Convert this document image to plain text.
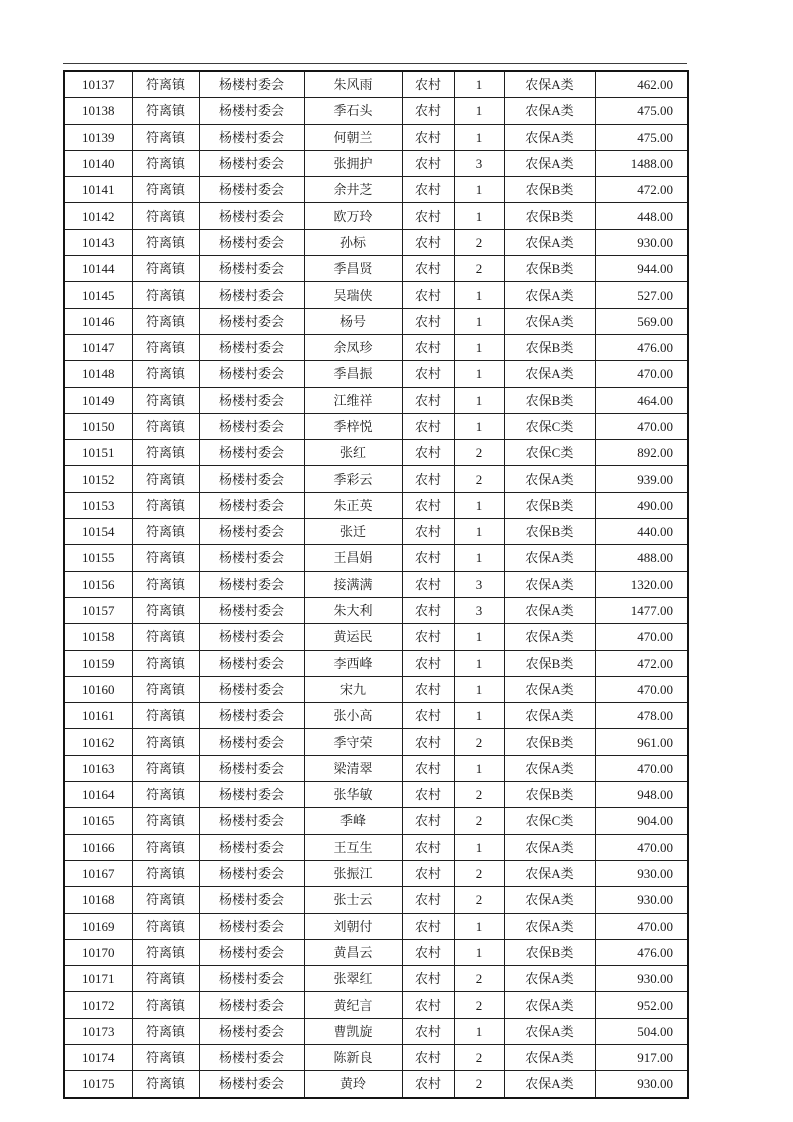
10137	符离镇	杨楼村委会	朱风雨	农村	1	农保A类	462.00
10138	符离镇	杨楼村委会	季石头	农村	1	农保A类	475.00
10139	符离镇	杨楼村委会	何朝兰	农村	1	农保A类	475.00
10140	符离镇	杨楼村委会	张拥护	农村	3	农保A类	1488.00
10141	符离镇	杨楼村委会	余井芝	农村	1	农保B类	472.00
10142	符离镇	杨楼村委会	欧万玲	农村	1	农保B类	448.00
10143	符离镇	杨楼村委会	孙标	农村	2	农保A类	930.00
10144	符离镇	杨楼村委会	季昌贤	农村	2	农保B类	944.00
10145	符离镇	杨楼村委会	吴瑞侠	农村	1	农保A类	527.00
10146	符离镇	杨楼村委会	杨号	农村	1	农保A类	569.00
10147	符离镇	杨楼村委会	余凤珍	农村	1	农保B类	476.00
10148	符离镇	杨楼村委会	季昌振	农村	1	农保A类	470.00
10149	符离镇	杨楼村委会	江维祥	农村	1	农保B类	464.00
10150	符离镇	杨楼村委会	季梓悦	农村	1	农保C类	470.00
10151	符离镇	杨楼村委会	张红	农村	2	农保C类	892.00
10152	符离镇	杨楼村委会	季彩云	农村	2	农保A类	939.00
10153	符离镇	杨楼村委会	朱正英	农村	1	农保B类	490.00
10154	符离镇	杨楼村委会	张迁	农村	1	农保B类	440.00
10155	符离镇	杨楼村委会	王昌娟	农村	1	农保A类	488.00
10156	符离镇	杨楼村委会	接满满	农村	3	农保A类	1320.00
10157	符离镇	杨楼村委会	朱大利	农村	3	农保A类	1477.00
10158	符离镇	杨楼村委会	黄运民	农村	1	农保A类	470.00
10159	符离镇	杨楼村委会	李西峰	农村	1	农保B类	472.00
10160	符离镇	杨楼村委会	宋九	农村	1	农保A类	470.00
10161	符离镇	杨楼村委会	张小高	农村	1	农保A类	478.00
10162	符离镇	杨楼村委会	季守荣	农村	2	农保B类	961.00
10163	符离镇	杨楼村委会	梁清翠	农村	1	农保A类	470.00
10164	符离镇	杨楼村委会	张华敏	农村	2	农保B类	948.00
10165	符离镇	杨楼村委会	季峰	农村	2	农保C类	904.00
10166	符离镇	杨楼村委会	王互生	农村	1	农保A类	470.00
10167	符离镇	杨楼村委会	张振江	农村	2	农保A类	930.00
10168	符离镇	杨楼村委会	张士云	农村	2	农保A类	930.00
10169	符离镇	杨楼村委会	刘朝付	农村	1	农保A类	470.00
10170	符离镇	杨楼村委会	黄昌云	农村	1	农保B类	476.00
10171	符离镇	杨楼村委会	张翠红	农村	2	农保A类	930.00
10172	符离镇	杨楼村委会	黄纪言	农村	2	农保A类	952.00
10173	符离镇	杨楼村委会	曹凯旋	农村	1	农保A类	504.00
10174	符离镇	杨楼村委会	陈新良	农村	2	农保A类	917.00
10175	符离镇	杨楼村委会	黄玲	农村	2	农保A类	930.00
